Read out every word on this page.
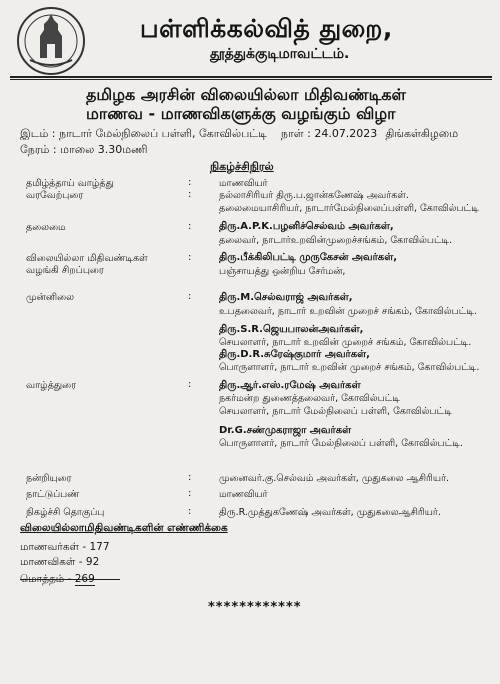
பள்ளிக்கல்வித் துறை,
தூத்துக்குடிமாவட்டம்.
தமிழக அரசின் விலையில்லா மிதிவண்டிகள்
மாணவ - மாணவிகளுக்கு வழங்கும் விழா
இடம் : நாடார் மேல்நிலைப் பள்ளி, கோவில்பட்டி நாள் : 24.07.2023 திங்கள்கிழமை
நேரம் : மாலை 3.30மணி
நிகழ்ச்சிநிரல்
தமிழ்த்தாய் வாழ்த்து	:	மாணவியர்
வரவேற்புரை	:	நல்லாசிரியர் திரு.ப.ஜான்கணேஷ் அவர்கள்.
தலைமையாசிரியர், நாடார்மேல்நிலைப்பள்ளி, கோவில்பட்டி
தலைமை	:	திரு.A.P.K.பழனிச்செல்வம் அவர்கள்,
தலைவர், நாடார்உறவின்முறைச்சங்கம், கோவில்பட்டி.
விலையில்லா மிதிவண்டிகள்
வழங்கி சிறப்புரை
:	திரு.பீக்கிலிபட்டி முருகேசன் அவர்கள்,
பஞ்சாயத்து ஒன்றிய சேர்மன்,
முன்னிலை	:	திரு.M.செல்வராஜ் அவர்கள்,
உபதலைவர், நாடார் உறவின் முறைச் சங்கம், கோவில்பட்டி.
திரு.S.R.ஜெயபாலன்அவர்கள்,
செயலாளர், நாடார் உறவின் முறைச் சங்கம், கோவில்பட்டி.
திரு.D.R.சுரேஷ்குமார் அவர்கள்,
பொருளாளர், நாடார் உறவின் முறைச் சங்கம், கோவில்பட்டி.
வாழ்த்துரை	:	திரு.ஆர்.எஸ்.ரமேஷ் அவர்கள்
நகர்மன்ற துணைத்தலைவர், கோவில்பட்டி
செயலாளர், நாடார் மேல்நிலைப் பள்ளி, கோவில்பட்டி
Dr.G.சண்முகராஜா அவர்கள்
பொருளாளர், நாடார் மேல்நிலைப் பள்ளி, கோவில்பட்டி.
நன்றியுரை	:	முனைவர்.கு.செல்வம் அவர்கள், முதுகலை ஆசிரியர்.
நாட்டுப்பண்	:	மாணவியர்
நிகழ்ச்சி தொகுப்பு	:	திரு.R.முத்துகணேஷ் அவர்கள், முதுகலைஆசிரியர்.
விலையில்லாமிதிவண்டிகளின் எண்ணிக்கை
மாணவர்கள் - 177
மாணவிகள் - 92
மொத்தம் - 269
************
